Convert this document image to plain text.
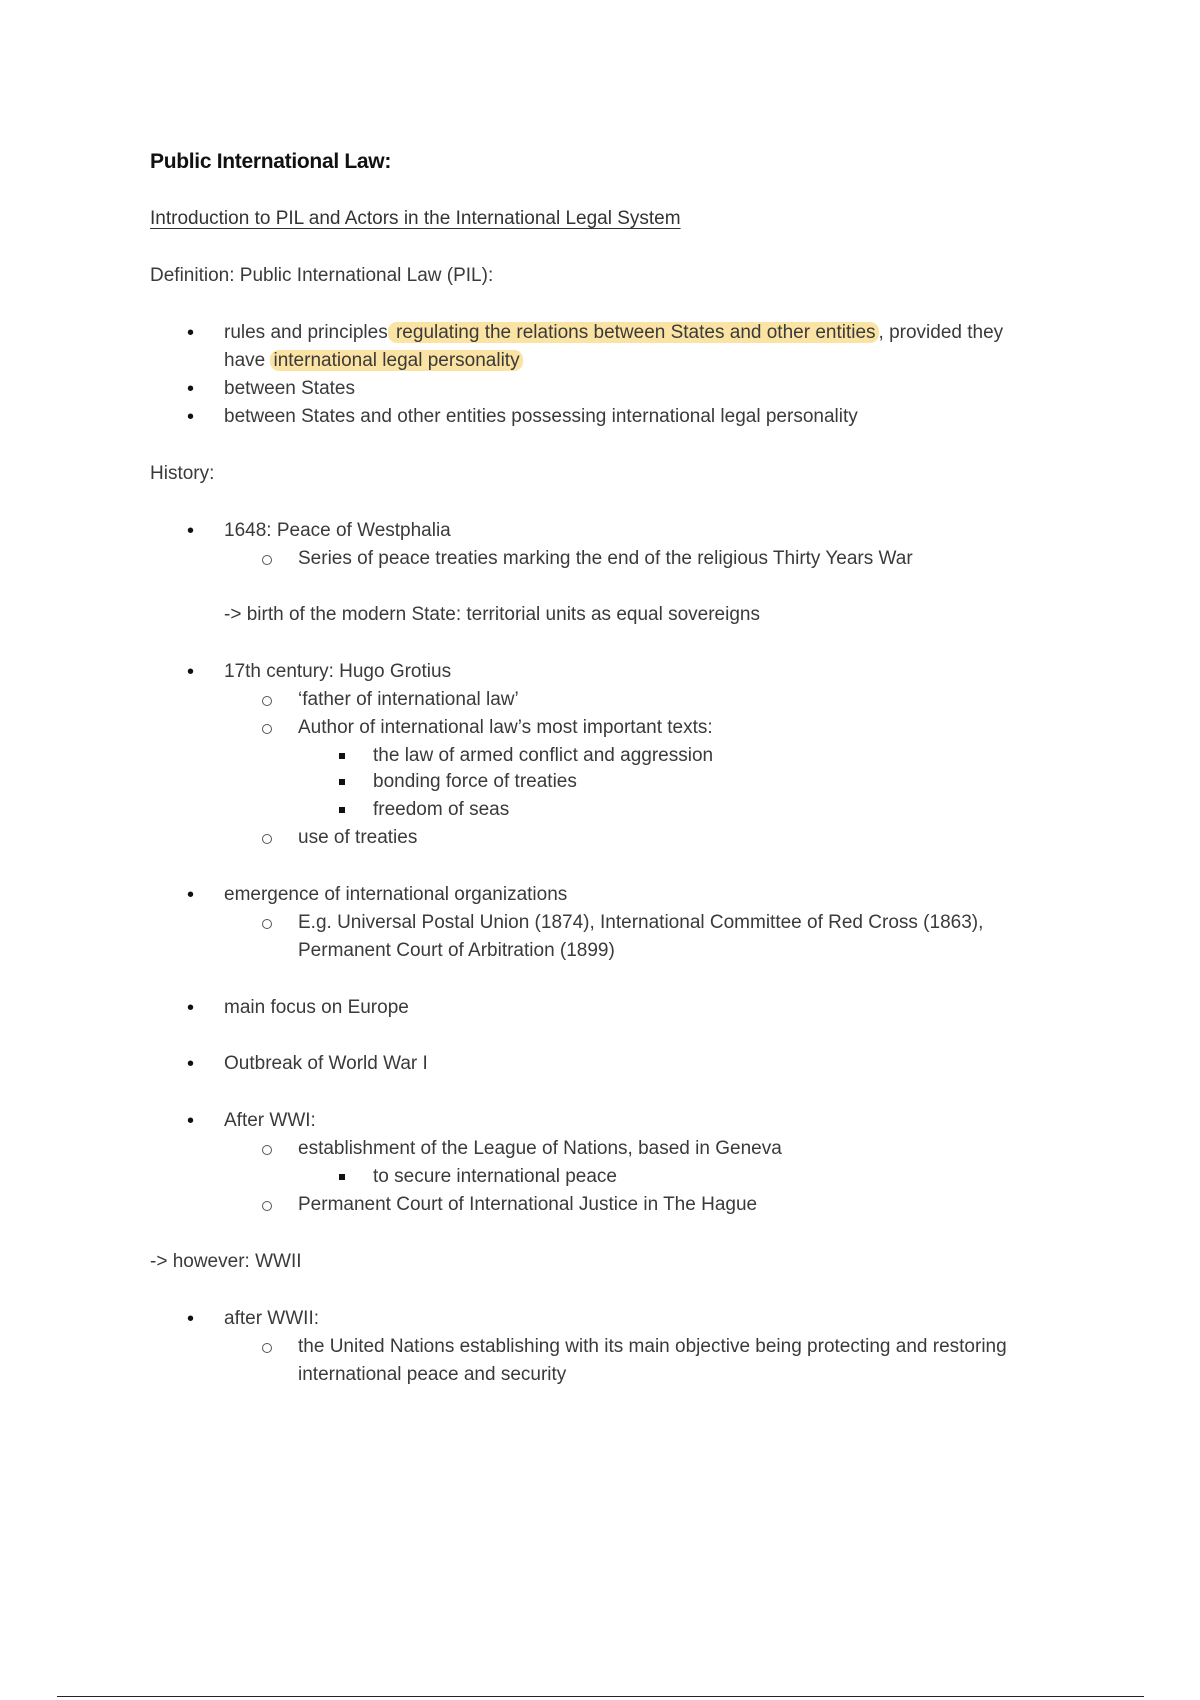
Public International Law:
Introduction to PIL and Actors in the International Legal System
Definition: Public International Law (PIL):
• rules and principles regulating the relations between States and other entities , provided they
have international legal personality
• between States
• between States and other entities possessing international legal personality
History:
• 1648: Peace of Westphalia
Series of peace treaties marking the end of the religious Thirty Years War
-> birth of the modern State: territorial units as equal sovereigns
• 17th century: Hugo Grotius
‘father of international law’
Author of international law’s most important texts:
the law of armed conflict and aggression
bonding force of treaties
freedom of seas
use of treaties
• emergence of international organizations
E.g. Universal Postal Union (1874), International Committee of Red Cross (1863),
Permanent Court of Arbitration (1899)
• main focus on Europe
• Outbreak of World War I
• After WWI:
establishment of the League of Nations, based in Geneva
to secure international peace
Permanent Court of International Justice in The Hague
-> however: WWII
• after WWII:
the United Nations establishing with its main objective being protecting and restoring
international peace and security
